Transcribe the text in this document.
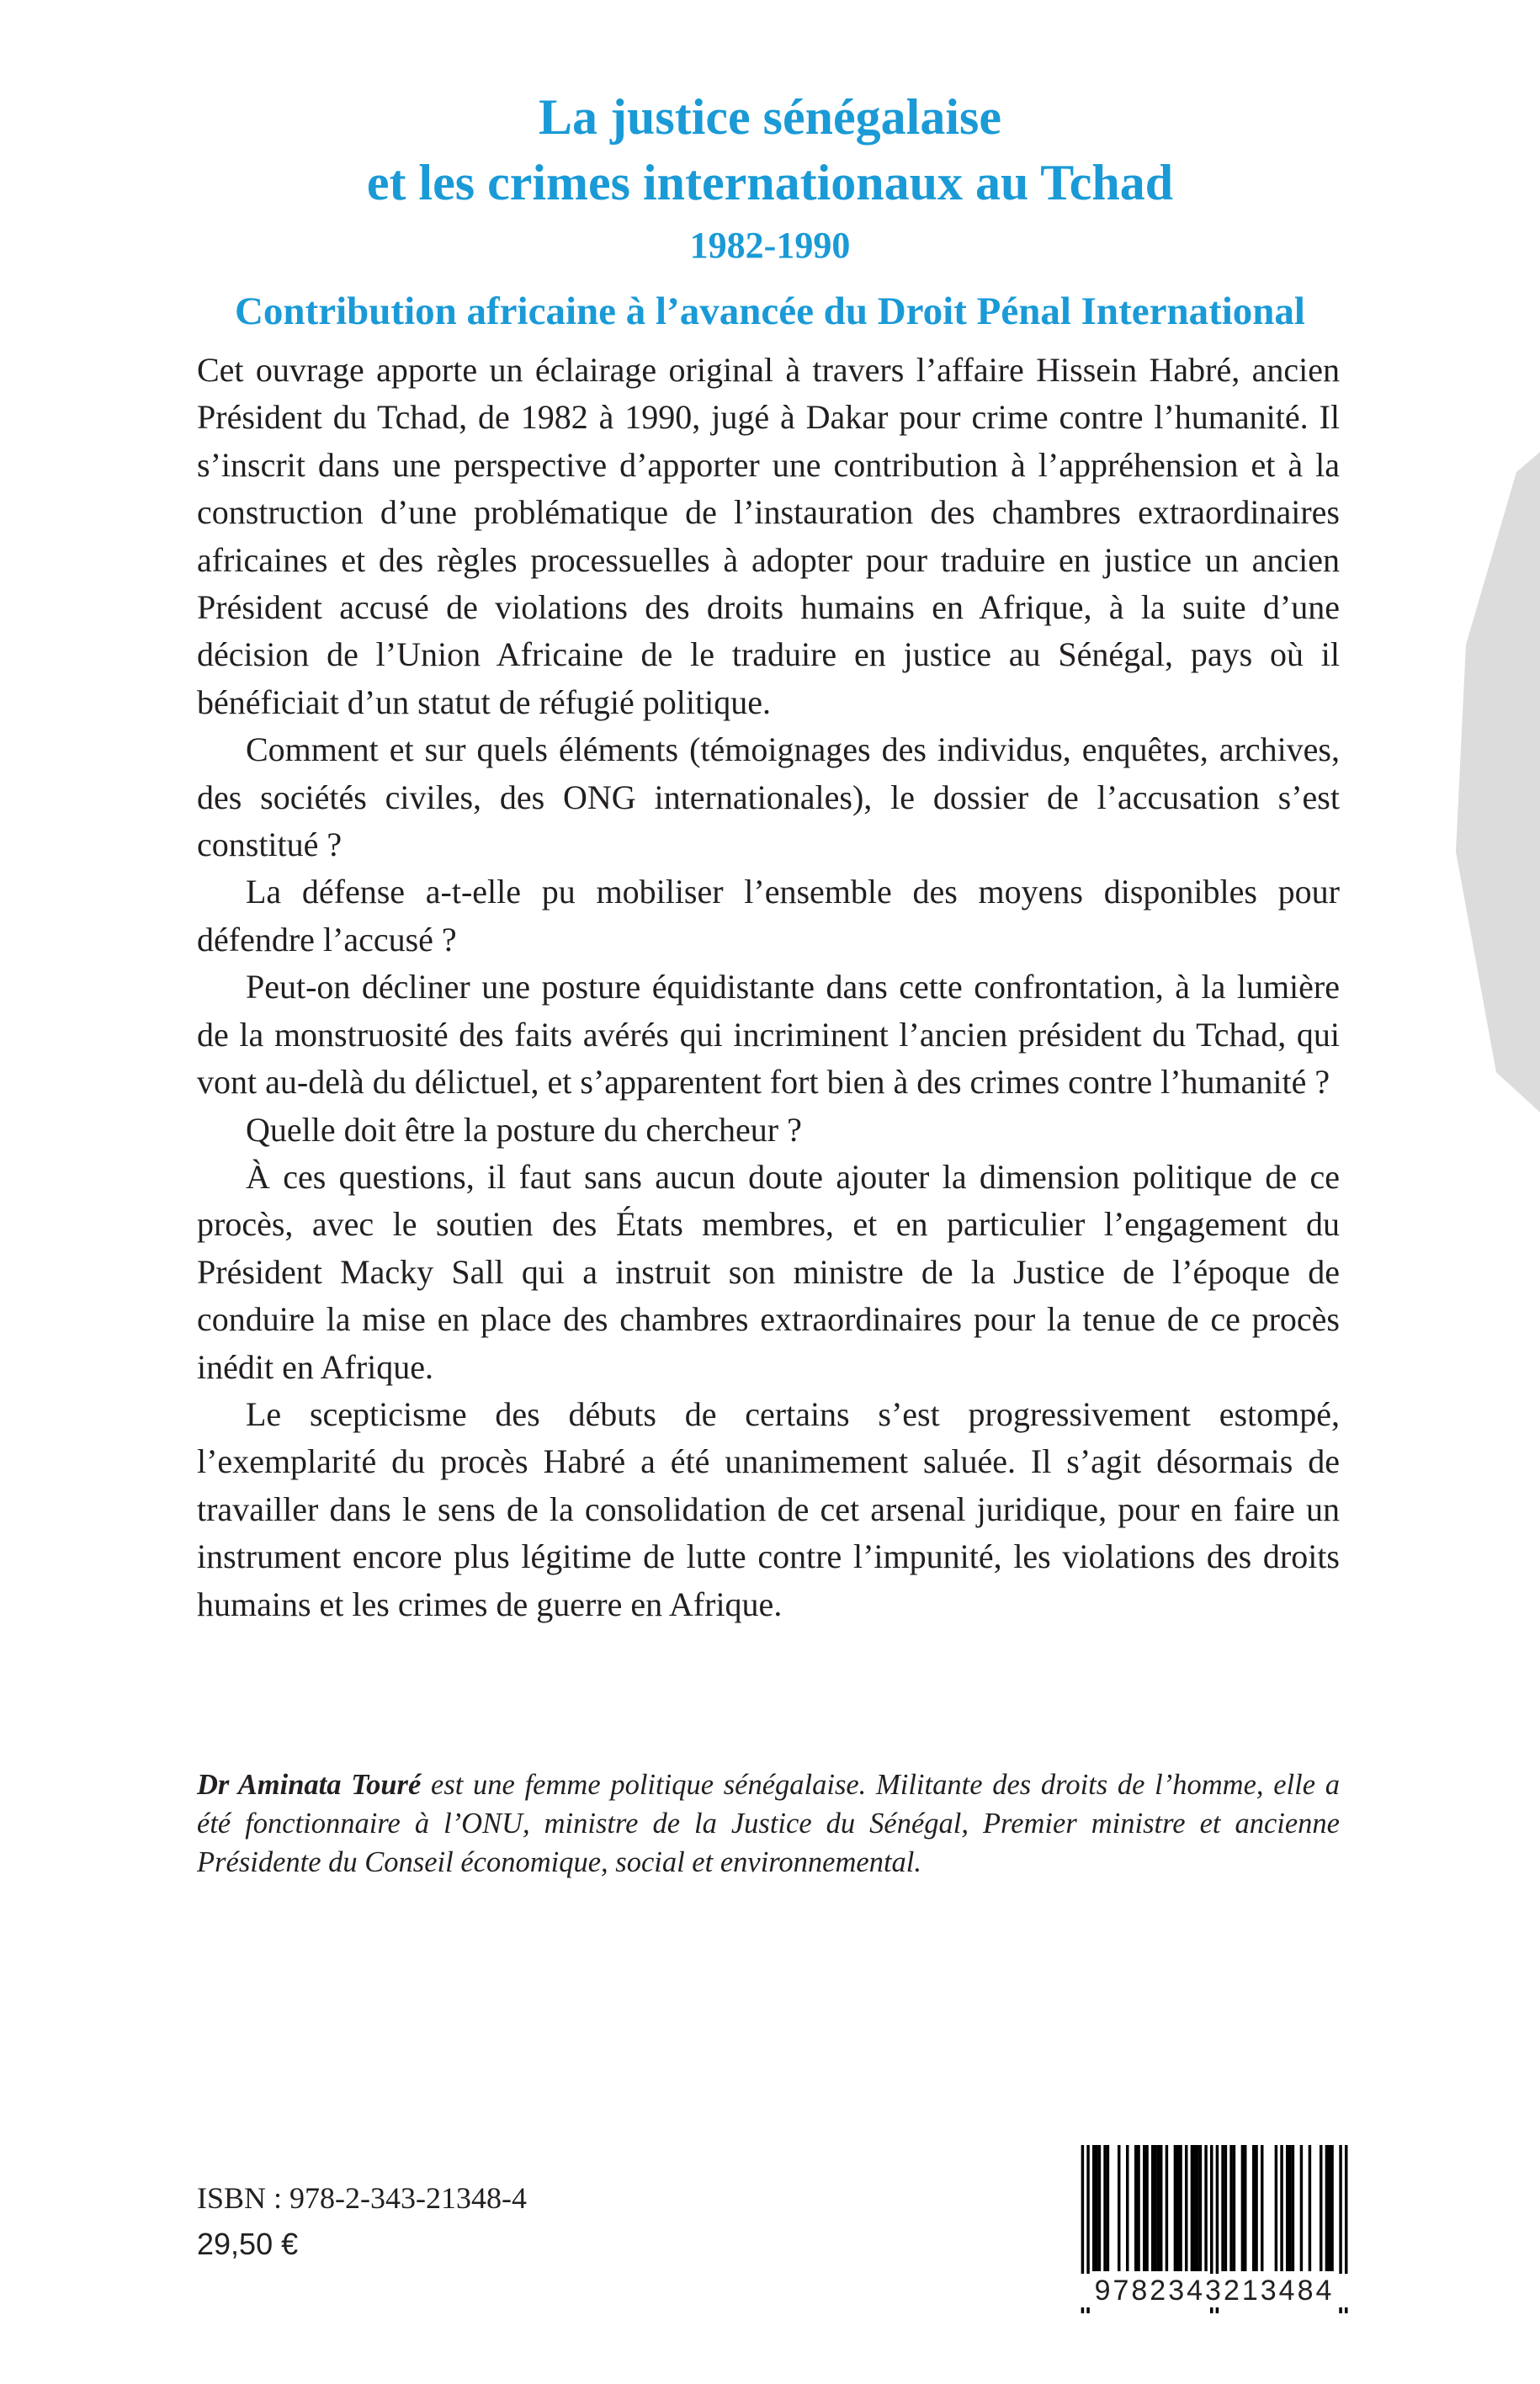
La justice sénégalaise
et les crimes internationaux au Tchad
1982-1990
Contribution africaine à l’avancée du Droit Pénal International

Cet ouvrage apporte un éclairage original à travers l’affaire Hissein Habré, ancien Président du Tchad, de 1982 à 1990, jugé à Dakar pour crime contre l’humanité. Il s’inscrit dans une perspective d’apporter une contribution à l’appréhension et à la construction d’une problématique de l’instauration des chambres extraordinaires africaines et des règles processuelles à adopter pour traduire en justice un ancien Président accusé de violations des droits humains en Afrique, à la suite d’une décision de l’Union Africaine de le traduire en justice au Sénégal, pays où il bénéficiait d’un statut de réfugié politique.

Comment et sur quels éléments (témoignages des individus, enquêtes, archives, des sociétés civiles, des ONG internationales), le dossier de l’accusation s’est constitué ?

La défense a-t-elle pu mobiliser l’ensemble des moyens disponibles pour défendre l’accusé ?

Peut-on décliner une posture équidistante dans cette confrontation, à la lumière de la monstruosité des faits avérés qui incriminent l’ancien président du Tchad, qui vont au-delà du délictuel, et s’apparentent fort bien à des crimes contre l’humanité ?

Quelle doit être la posture du chercheur ?

À ces questions, il faut sans aucun doute ajouter la dimension politique de ce procès, avec le soutien des États membres, et en particulier l’engagement du Président Macky Sall qui a instruit son ministre de la Justice de l’époque de conduire la mise en place des chambres extraordinaires pour la tenue de ce procès inédit en Afrique.

Le scepticisme des débuts de certains s’est progressivement estompé, l’exemplarité du procès Habré a été unanimement saluée. Il s’agit désormais de travailler dans le sens de la consolidation de cet arsenal juridique, pour en faire un instrument encore plus légitime de lutte contre l’impunité, les violations des droits humains et les crimes de guerre en Afrique.

Dr Aminata Touré est une femme politique sénégalaise. Militante des droits de l’homme, elle a été fonctionnaire à l’ONU, ministre de la Justice du Sénégal, Premier ministre et ancienne Présidente du Conseil économique, social et environnemental.
ISBN : 978-2-343-21348-4
29,50 €
9782343213484
